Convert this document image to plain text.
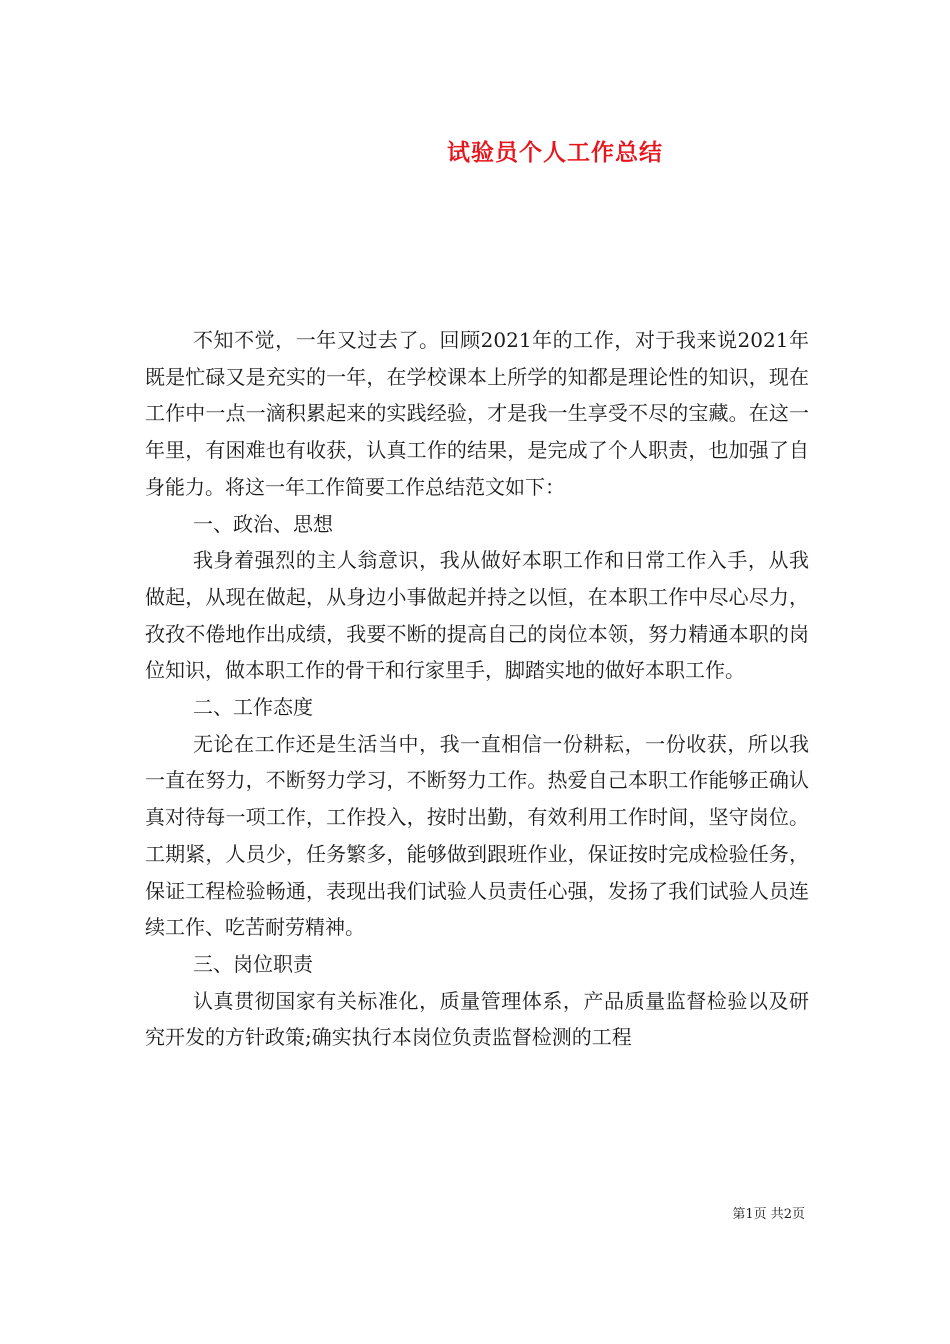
试验员个人工作总结

不知不觉，一年又过去了。回顾2021年的工作，对于我来说2021年既是忙碌又是充实的一年，在学校课本上所学的知都是理论性的知识，现在工作中一点一滴积累起来的实践经验，才是我一生享受不尽的宝藏。在这一年里，有困难也有收获，认真工作的结果，是完成了个人职责，也加强了自身能力。将这一年工作简要工作总结范文如下：

一、政治、思想

我身着强烈的主人翁意识，我从做好本职工作和日常工作入手，从我做起，从现在做起，从身边小事做起并持之以恒，在本职工作中尽心尽力，孜孜不倦地作出成绩，我要不断的提高自己的岗位本领，努力精通本职的岗位知识，做本职工作的骨干和行家里手，脚踏实地的做好本职工作。

二、工作态度

无论在工作还是生活当中，我一直相信一份耕耘，一份收获，所以我一直在努力，不断努力学习，不断努力工作。热爱自己本职工作能够正确认真对待每一项工作，工作投入，按时出勤，有效利用工作时间，坚守岗位。工期紧，人员少，任务繁多，能够做到跟班作业，保证按时完成检验任务，保证工程检验畅通，表现出我们试验人员责任心强，发扬了我们试验人员连续工作、吃苦耐劳精神。

三、岗位职责

认真贯彻国家有关标准化，质量管理体系，产品质量监督检验以及研究开发的方针政策;确实执行本岗位负责监督检测的工程

第1页 共2页
